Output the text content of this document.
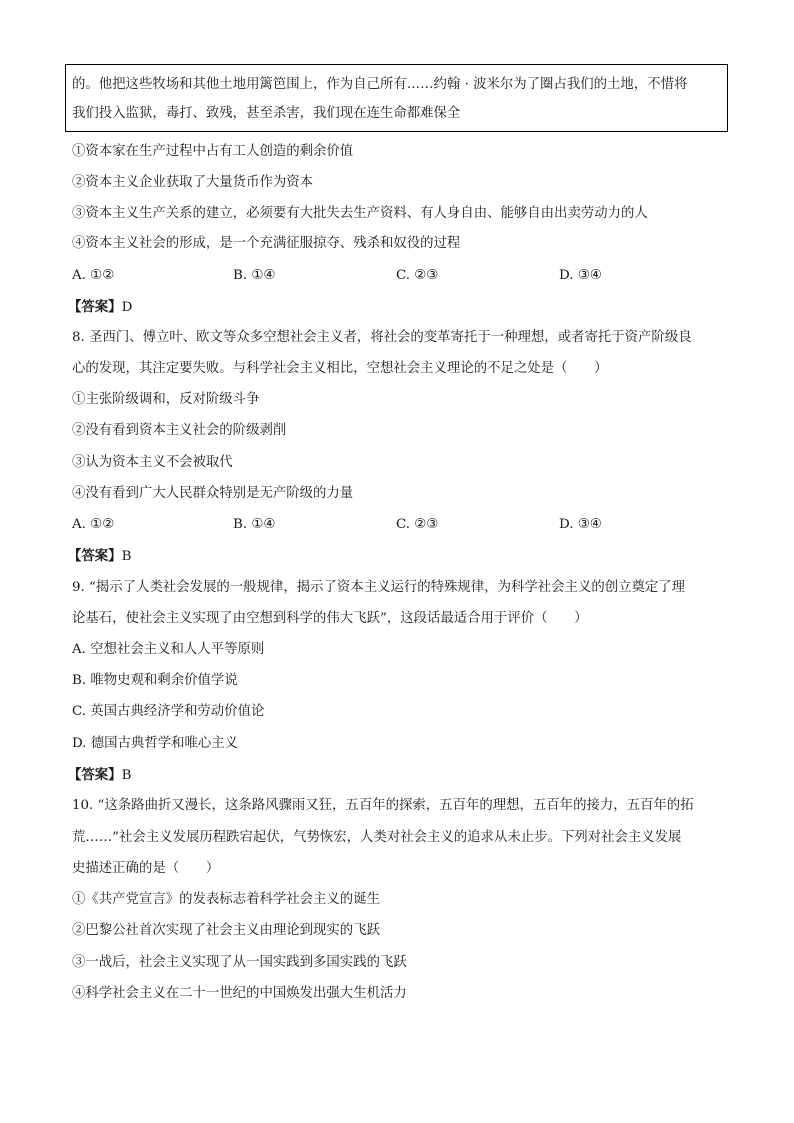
的。他把这些牧场和其他土地用篱笆围上，作为自己所有……约翰 · 波米尔为了圈占我们的土地，不惜将
我们投入监狱，毒打、致残，甚至杀害，我们现在连生命都难保全
①资本家在生产过程中占有工人创造的剩余价值
②资本主义企业获取了大量货币作为资本
③资本主义生产关系的建立，必须要有大批失去生产资料、有人身自由、能够自由出卖劳动力的人
④资本主义社会的形成，是一个充满征服掠夺、残杀和奴役的过程
A. ①②	B. ①④	C. ②③	D. ③④
【答案】D
8. 圣西门、傅立叶、欧文等众多空想社会主义者，将社会的变革寄托于一种理想，或者寄托于资产阶级良
心的发现，其注定要失败。与科学社会主义相比，空想社会主义理论的不足之处是（　　）
①主张阶级调和，反对阶级斗争
②没有看到资本主义社会的阶级剥削
③认为资本主义不会被取代
④没有看到广大人民群众特别是无产阶级的力量
A. ①②	B. ①④	C. ②③	D. ③④
【答案】B
9. “揭示了人类社会发展的一般规律，揭示了资本主义运行的特殊规律，为科学社会主义的创立奠定了理
论基石，使社会主义实现了由空想到科学的伟大飞跃”，这段话最适合用于评价（　　）
A. 空想社会主义和人人平等原则
B. 唯物史观和剩余价值学说
C. 英国古典经济学和劳动价值论
D. 德国古典哲学和唯心主义
【答案】B
10. “这条路曲折又漫长，这条路风骤雨又狂，五百年的探索，五百年的理想，五百年的接力，五百年的拓
荒……”社会主义发展历程跌宕起伏，气势恢宏，人类对社会主义的追求从未止步。下列对社会主义发展
史描述正确的是（　　）
①《共产党宣言》的发表标志着科学社会主义的诞生
②巴黎公社首次实现了社会主义由理论到现实的飞跃
③一战后，社会主义实现了从一国实践到多国实践的飞跃
④科学社会主义在二十一世纪的中国焕发出强大生机活力
